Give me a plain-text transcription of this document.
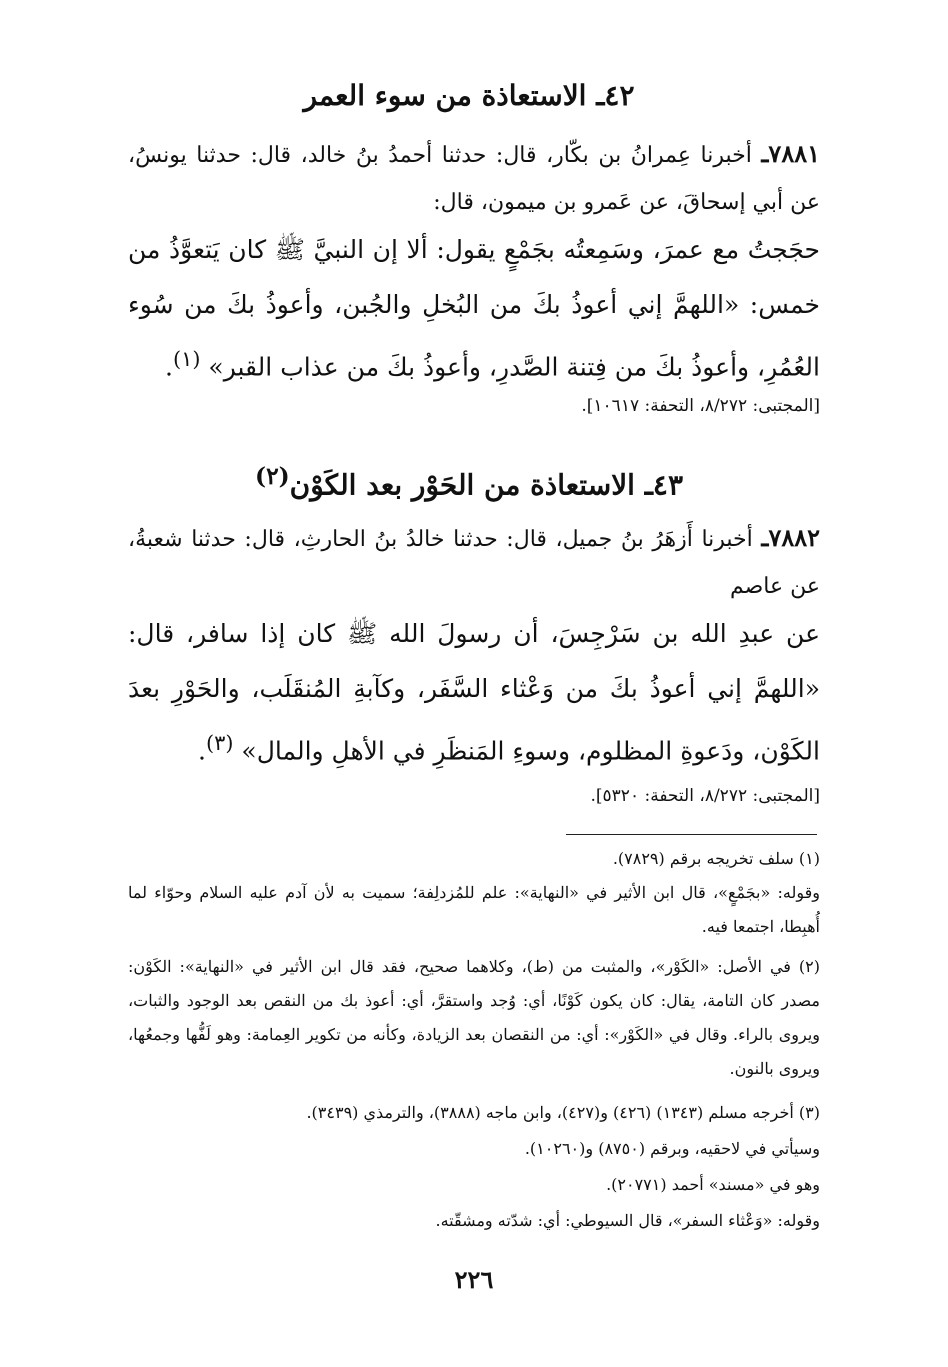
٤٢ـ الاستعاذة من سوء العمر
٧٨٨١ـ أخبرنا عِمرانُ بن بكّار، قال: حدثنا أحمدُ بنُ خالد، قال: حدثنا يونسُ، عن أبي إسحاقَ، عن عَمرو بن ميمون، قال:
حجَجتُ مع عمرَ، وسَمِعتُه بجَمْعٍ يقول: ألا إن النبيَّ ﷺ كان يَتعوَّذُ من خمس: «اللهمَّ إني أعوذُ بكَ من البُخلِ والجُبن، وأعوذُ بكَ من سُوء العُمُرِ، وأعوذُ بكَ من فِتنة الصَّدرِ، وأعوذُ بكَ من عذاب القبر» $^{(١)}$.
[المجتبى: ٨/٢٧٢، التحفة: ١٠٦١٧].
٤٣ـ الاستعاذة من الحَوْر بعد الكَوْن$^{(٢)}$
٧٨٨٢ـ أخبرنا أَزهَرُ بنُ جميل، قال: حدثنا خالدُ بنُ الحارثِ، قال: حدثنا شعبةُ، عن عاصم
عن عبدِ الله بن سَرْجِسَ، أن رسولَ الله ﷺ كان إذا سافر، قال: «اللهمَّ إني أعوذُ بكَ من وَعْثاء السَّفَر، وكآبةِ المُنقَلَب، والحَوْرِ بعدَ الكَوْن، ودَعوةِ المظلوم، وسوءِ المَنظَرِ في الأهلِ والمال» $^{(٣)}$.
[المجتبى: ٨/٢٧٢، التحفة: ٥٣٢٠].
(١) سلف تخريجه برقم (٧٨٢٩).
وقوله: «بجَمْعٍ»، قال ابن الأثير في «النهاية»: علم للمُزدلِفة؛ سميت به لأن آدم عليه السلام وحوّاء لما أُهبِطا، اجتمعا فيه.
(٢) في الأصل: «الكَوْر»، والمثبت من (ط)، وكلاهما صحيح، فقد قال ابن الأثير في «النهاية»: الكَوْن: مصدر كان التامة، يقال: كان يكون كَوْنًا، أي: وُجد واستقرَّ، أي: أعوذ بك من النقص بعد الوجود والثبات، ويروى بالراء. وقال في «الكَوْر»: أي: من النقصان بعد الزيادة، وكأنه من تكوير العِمامة: وهو لَفُّها وجمعُها، ويروى بالنون.
(٣) أخرجه مسلم (١٣٤٣) (٤٢٦) و(٤٢٧)، وابن ماجه (٣٨٨٨)، والترمذي (٣٤٣٩).
وسيأتي في لاحقيه، وبرقم (٨٧٥٠) و(١٠٢٦٠).
وهو في «مسند» أحمد (٢٠٧٧١).
وقوله: «وَعْثاء السفر»، قال السيوطي: أي: شدّته ومشقّته.
٢٢٦
